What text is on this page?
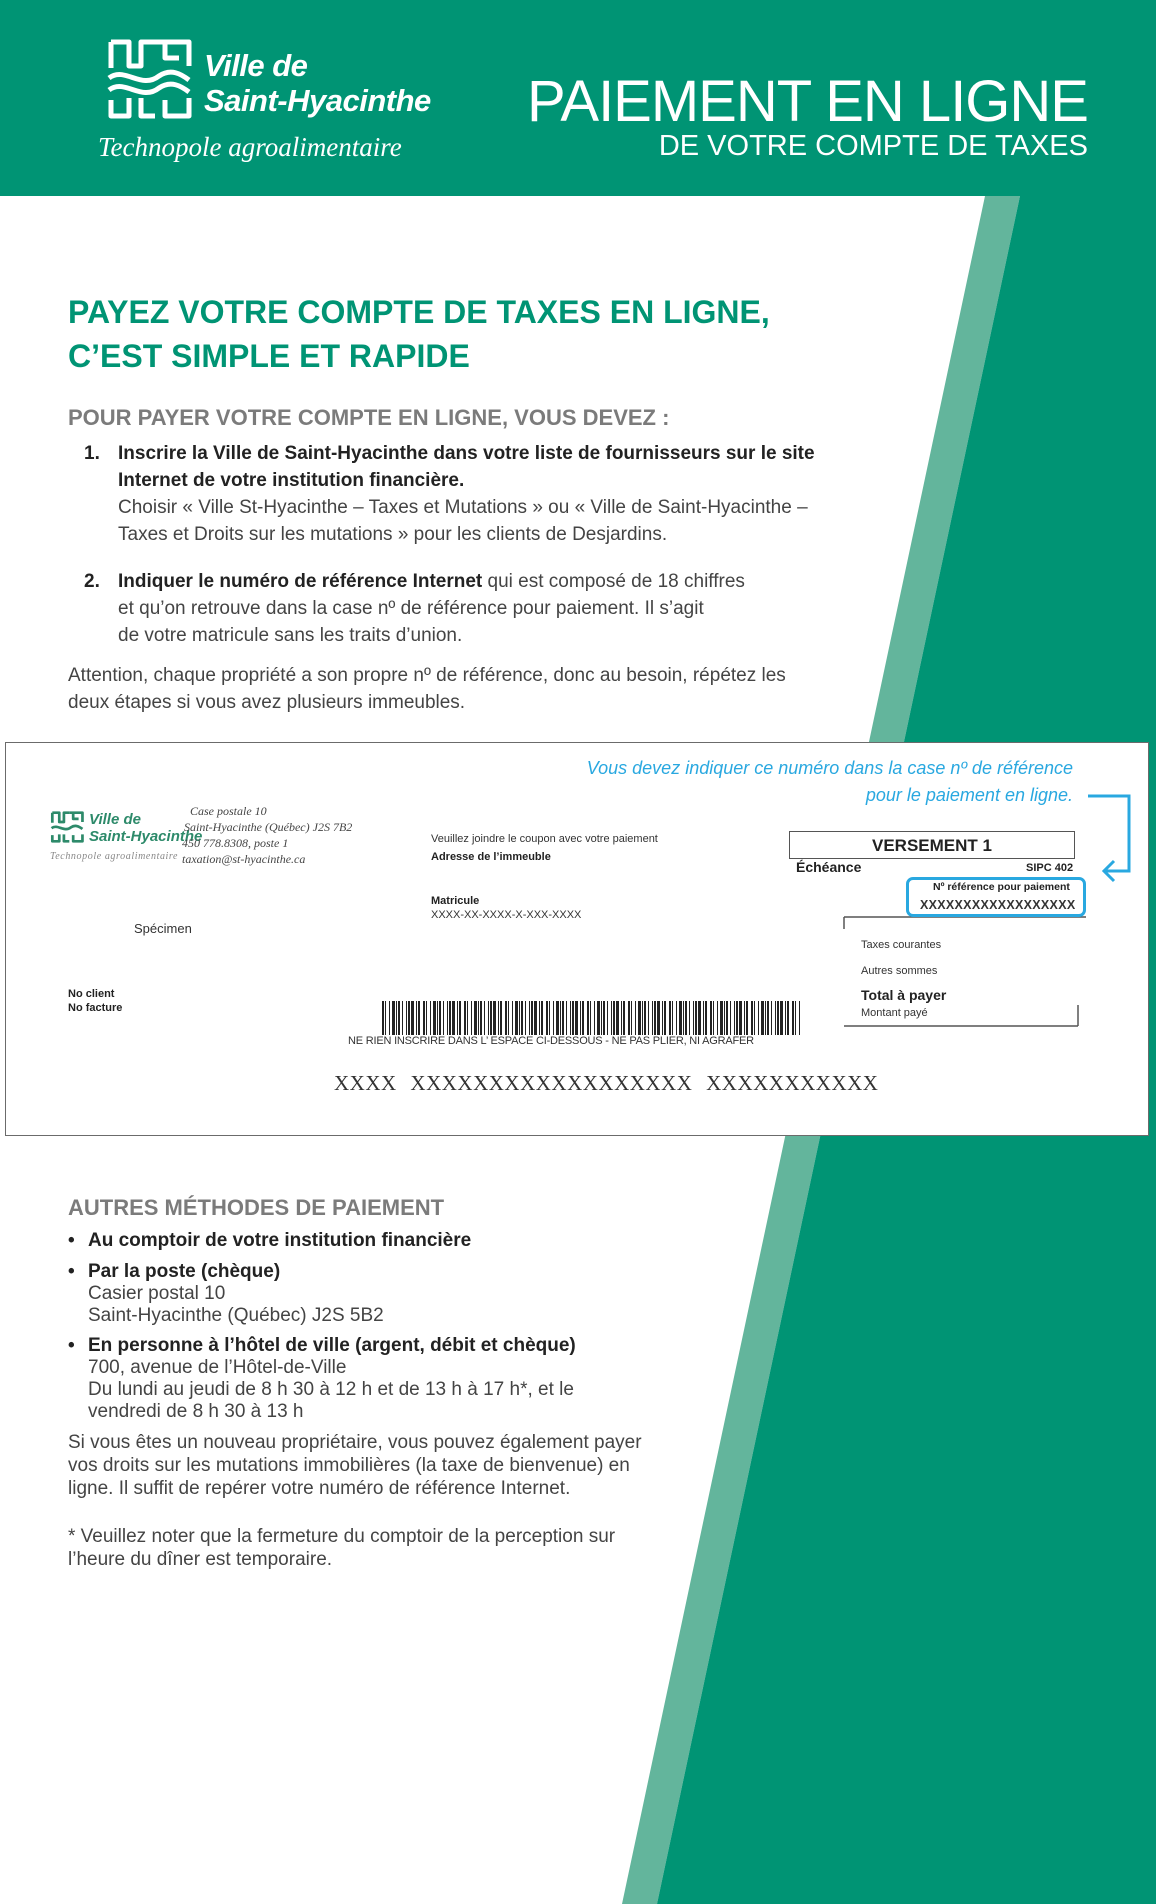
Ville de
Saint-Hyacinthe
Technopole agroalimentaire
PAIEMENT EN LIGNE
DE VOTRE COMPTE DE TAXES
PAYEZ VOTRE COMPTE DE TAXES EN LIGNE,
C’EST SIMPLE ET RAPIDE
POUR PAYER VOTRE COMPTE EN LIGNE, VOUS DEVEZ :
1. Inscrire la Ville de Saint-Hyacinthe dans votre liste de fournisseurs sur le site Internet de votre institution financière.
Choisir « Ville St-Hyacinthe – Taxes et Mutations » ou « Ville de Saint-Hyacinthe – Taxes et Droits sur les mutations » pour les clients de Desjardins.
2. Indiquer le numéro de référence Internet qui est composé de 18 chiffres
et qu’on retrouve dans la case nº de référence pour paiement. Il s’agit
de votre matricule sans les traits d’union.
Attention, chaque propriété a son propre nº de référence, donc au besoin, répétez les deux étapes si vous avez plusieurs immeubles.
Vous devez indiquer ce numéro dans la case nº de référence
pour le paiement en ligne.
Ville de
Saint-Hyacinthe
Technopole agroalimentaire
Case postale 10
Saint-Hyacinthe (Québec) J2S 7B2
450 778.8308, poste 1
taxation@st-hyacinthe.ca
Veuillez joindre le coupon avec votre paiement
Adresse de l’immeuble
Matricule
XXXX-XX-XXXX-X-XXX-XXXX
Spécimen
No client
No facture
NE RIEN INSCRIRE DANS L’ ESPACE CI-DESSOUS - NE PAS PLIER, NI AGRAFER
XXXX XXXXXXXXXXXXXXXXXX XXXXXXXXXXX
VERSEMENT 1
Échéance	SIPC 402
Nº référence pour paiement
XXXXXXXXXXXXXXXXXX
Taxes courantes
Autres sommes
Total à payer
Montant payé
AUTRES MÉTHODES DE PAIEMENT
• Au comptoir de votre institution financière
• Par la poste (chèque)
Casier postal 10
Saint-Hyacinthe (Québec) J2S 5B2
• En personne à l’hôtel de ville (argent, débit et chèque)
700, avenue de l’Hôtel-de-Ville
Du lundi au jeudi de 8 h 30 à 12 h et de 13 h à 17 h*, et le
vendredi de 8 h 30 à 13 h
Si vous êtes un nouveau propriétaire, vous pouvez également payer vos droits sur les mutations immobilières (la taxe de bienvenue) en ligne. Il suffit de repérer votre numéro de référence Internet.
* Veuillez noter que la fermeture du comptoir de la perception sur l’heure du dîner est temporaire.
